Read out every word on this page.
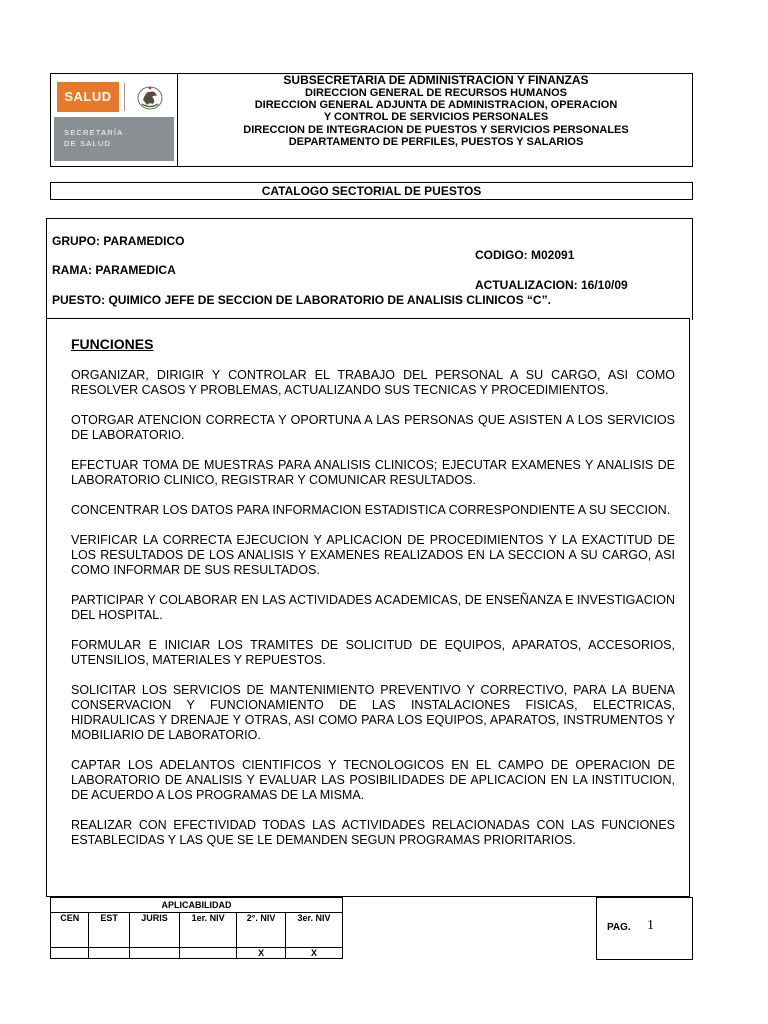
SALUD
SECRETARÍA
DE SALUD
SUBSECRETARIA DE ADMINISTRACION Y FINANZAS
DIRECCION GENERAL DE RECURSOS HUMANOS
DIRECCION GENERAL ADJUNTA DE ADMINISTRACION, OPERACION
Y CONTROL DE SERVICIOS PERSONALES
DIRECCION DE INTEGRACION DE PUESTOS Y SERVICIOS PERSONALES
DEPARTAMENTO DE PERFILES, PUESTOS Y SALARIOS
CATALOGO SECTORIAL DE PUESTOS
GRUPO: PARAMEDICO
CODIGO: M02091
RAMA: PARAMEDICA
ACTUALIZACION: 16/10/09
PUESTO: QUIMICO JEFE DE SECCION DE LABORATORIO DE ANALISIS CLINICOS “C”.
FUNCIONES

ORGANIZAR, DIRIGIR Y CONTROLAR EL TRABAJO DEL PERSONAL A SU CARGO, ASI COMO RESOLVER CASOS Y PROBLEMAS, ACTUALIZANDO SUS TECNICAS Y PROCEDIMIENTOS.

OTORGAR ATENCION CORRECTA Y OPORTUNA A LAS PERSONAS QUE ASISTEN A LOS SERVICIOS DE LABORATORIO.

EFECTUAR TOMA DE MUESTRAS PARA ANALISIS CLINICOS; EJECUTAR EXAMENES Y ANALISIS DE LABORATORIO CLINICO, REGISTRAR Y COMUNICAR RESULTADOS.

CONCENTRAR LOS DATOS PARA INFORMACION ESTADISTICA CORRESPONDIENTE A SU SECCION.

VERIFICAR LA CORRECTA EJECUCION Y APLICACION DE PROCEDIMIENTOS Y LA EXACTITUD DE LOS RESULTADOS DE LOS ANALISIS Y EXAMENES REALIZADOS EN LA SECCION A SU CARGO, ASI COMO INFORMAR DE SUS RESULTADOS.

PARTICIPAR Y COLABORAR EN LAS ACTIVIDADES ACADEMICAS, DE ENSEÑANZA E INVESTIGACION DEL HOSPITAL.

FORMULAR E INICIAR LOS TRAMITES DE SOLICITUD DE EQUIPOS, APARATOS, ACCESORIOS, UTENSILIOS, MATERIALES Y REPUESTOS.

SOLICITAR LOS SERVICIOS DE MANTENIMIENTO PREVENTIVO Y CORRECTIVO, PARA LA BUENA CONSERVACION Y FUNCIONAMIENTO DE LAS INSTALACIONES FISICAS, ELECTRICAS, HIDRAULICAS Y DRENAJE Y OTRAS, ASI COMO PARA LOS EQUIPOS, APARATOS, INSTRUMENTOS Y MOBILIARIO DE LABORATORIO.

CAPTAR LOS ADELANTOS CIENTIFICOS Y TECNOLOGICOS EN EL CAMPO DE OPERACION DE LABORATORIO DE ANALISIS Y EVALUAR LAS POSIBILIDADES DE APLICACION EN LA INSTITUCION, DE ACUERDO A LOS PROGRAMAS DE LA MISMA.

REALIZAR CON EFECTIVIDAD TODAS LAS ACTIVIDADES RELACIONADAS CON LAS FUNCIONES ESTABLECIDAS Y LAS QUE SE LE DEMANDEN SEGUN PROGRAMAS PRIORITARIOS.

APLICABILIDAD					
CEN	EST	JURIS	1er. NIV	2°. NIV	3er. NIV
				X	X
PAG. 1
